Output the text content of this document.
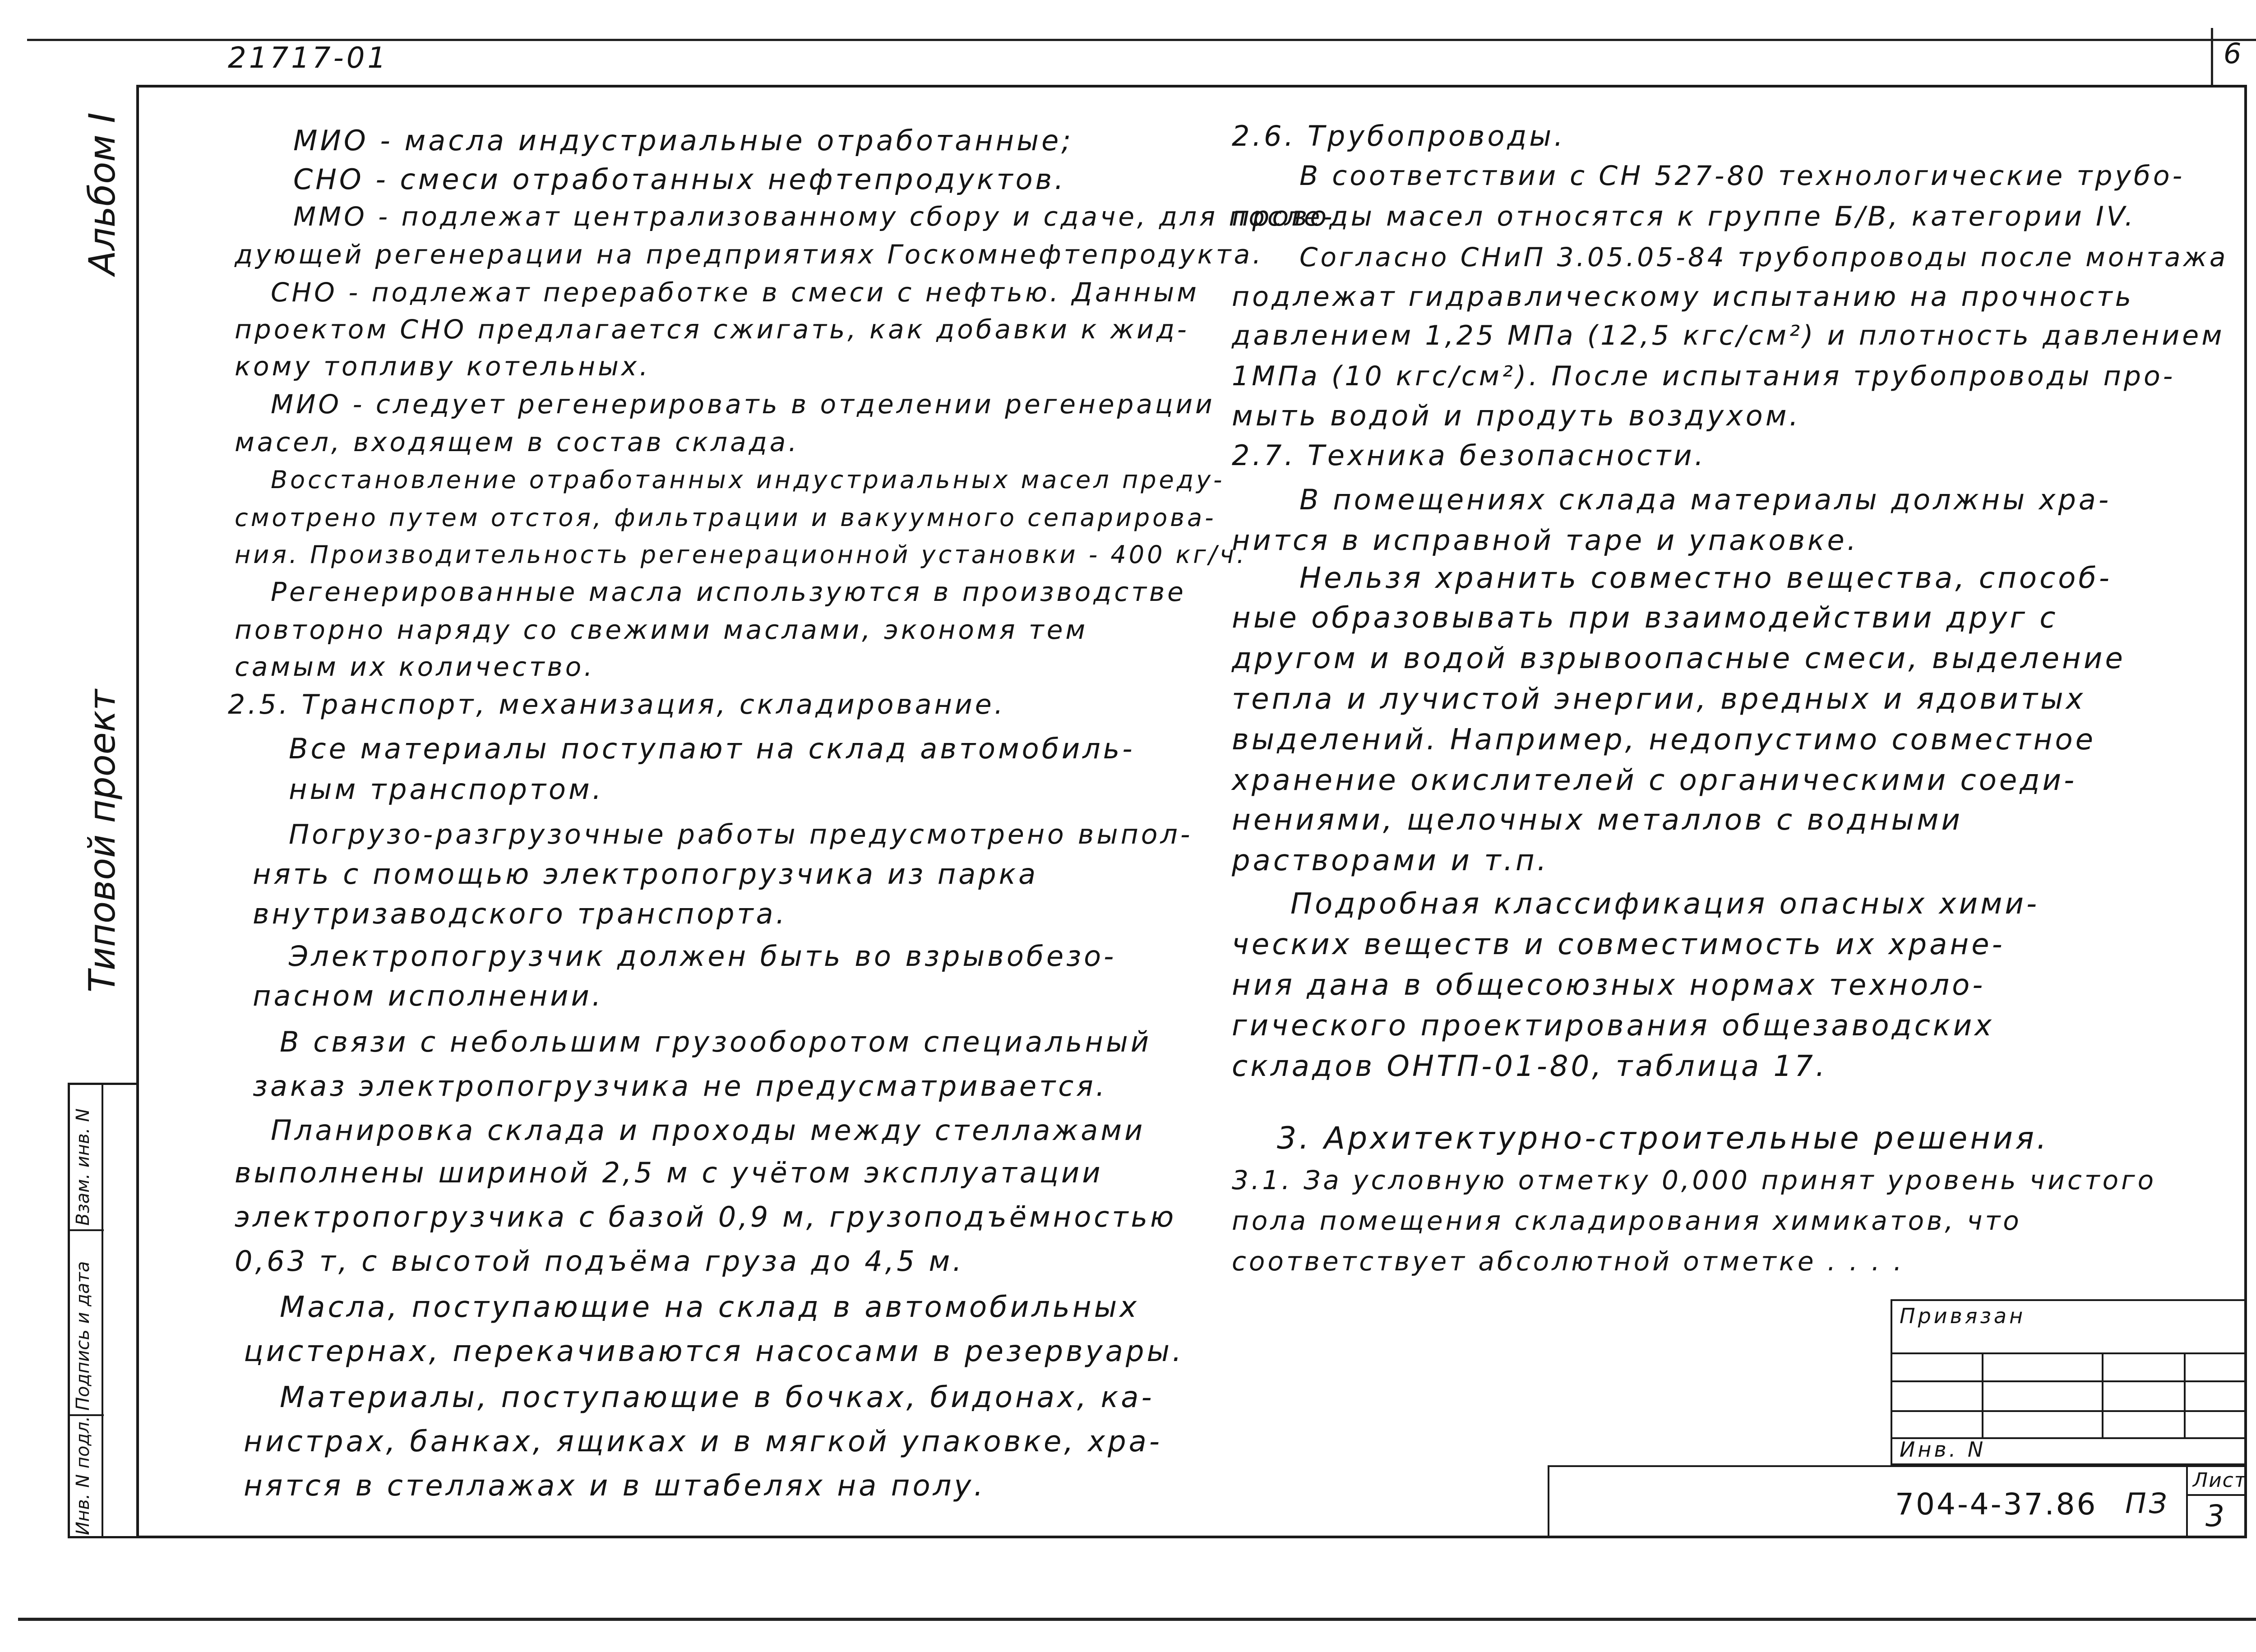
21717-01	6
Альбом I
Типовой проект
Инв. N подл.
Подпись и дата
Взам. инв. N
МИО - масла индустриальные отработанные;
СНО - смеси отработанных нефтепродуктов.
ММО - подлежат централизованному сбору и сдаче, для после-
дующей регенерации на предприятиях Госкомнефтепродукта.
СНО - подлежат переработке в смеси с нефтью. Данным
проектом СНО предлагается сжигать, как добавки к жид-
кому топливу котельных.
МИО - следует регенерировать в отделении регенерации
масел, входящем в состав склада.
Восстановление отработанных индустриальных масел преду-
смотрено путем отстоя, фильтрации и вакуумного сепарирова-
ния. Производительность регенерационной установки - 400 кг/ч.
Регенерированные масла используются в производстве
повторно наряду со свежими маслами, экономя тем
самым их количество.
2.5. Транспорт, механизация, складирование.
Все материалы поступают на склад автомобиль-
ным транспортом.
Погрузо-разгрузочные работы предусмотрено выпол-
нять с помощью электропогрузчика из парка
внутризаводского транспорта.
Электропогрузчик должен быть во взрывобезо-
пасном исполнении.
В связи с небольшим грузооборотом специальный
заказ электропогрузчика не предусматривается.
Планировка склада и проходы между стеллажами
выполнены шириной 2,5 м с учётом эксплуатации
электропогрузчика с базой 0,9 м, грузоподъёмностью
0,63 т, с высотой подъёма груза до 4,5 м.
Масла, поступающие на склад в автомобильных
цистернах, перекачиваются насосами в резервуары.
Материалы, поступающие в бочках, бидонах, ка-
нистрах, банках, ящиках и в мягкой упаковке, хра-
нятся в стеллажах и в штабелях на полу.
2.6. Трубопроводы.
В соответствии с СН 527-80 технологические трубо-
проводы масел относятся к группе Б/В, категории IV.
Согласно СНиП 3.05.05-84 трубопроводы после монтажа
подлежат гидравлическому испытанию на прочность
давлением 1,25 МПа (12,5 кгс/см²) и плотность давлением
1МПа (10 кгс/см²). После испытания трубопроводы про-
мыть водой и продуть воздухом.
2.7. Техника безопасности.
В помещениях склада материалы должны хра-
нится в исправной таре и упаковке.
Нельзя хранить совместно вещества, способ-
ные образовывать при взаимодействии друг с
другом и водой взрывоопасные смеси, выделение
тепла и лучистой энергии, вредных и ядовитых
выделений. Например, недопустимо совместное
хранение окислителей с органическими соеди-
нениями, щелочных металлов с водными
растворами и т.п.
Подробная классификация опасных хими-
ческих веществ и совместимость их хране-
ния дана в общесоюзных нормах техноло-
гического проектирования общезаводских
складов ОНТП-01-80, таблица 17.
3. Архитектурно-строительные решения.
3.1. За условную отметку 0,000 принят уровень чистого
пола помещения складирования химикатов, что
соответствует абсолютной отметке . . . .
Привязан
Инв. N
704-4-37.86 ПЗ
Лист
3
